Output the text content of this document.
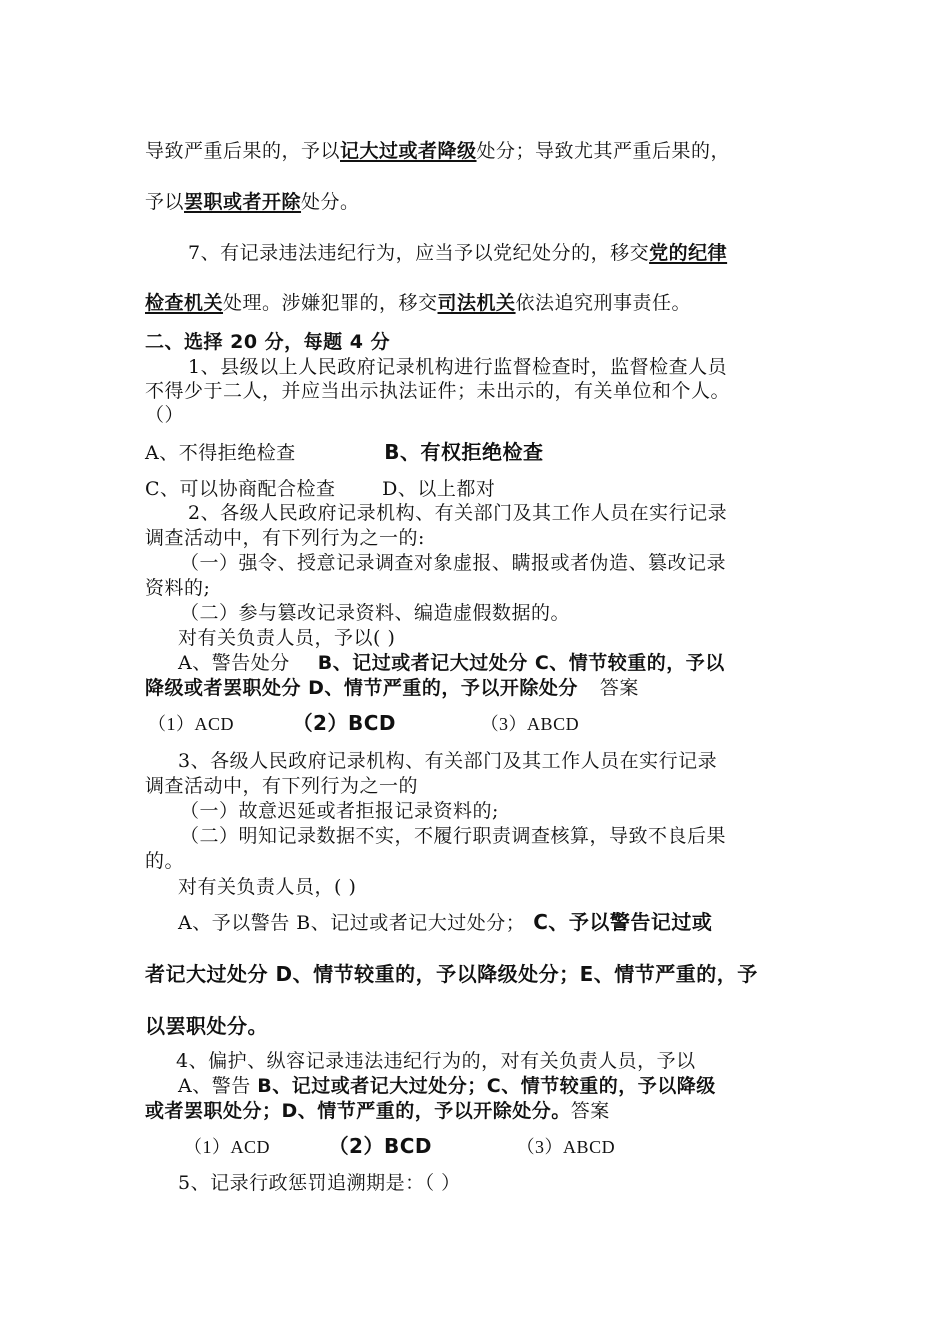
导致严重后果的，予以记大过或者降级处分；导致尤其严重后果的，
予以罢职或者开除处分。
7、有记录违法违纪行为，应当予以党纪处分的，移交党的纪律
检查机关处理。涉嫌犯罪的，移交司法机关依法追究刑事责任。
二、选择 20 分，每题 4 分
1、县级以上人民政府记录机构进行监督检查时，监督检查人员
不得少于二人，并应当出示执法证件；未出示的，有关单位和个人。
（）
A、不得拒绝检查	B、有权拒绝检查
C、可以协商配合检查 D、以上都对
2、各级人民政府记录机构、有关部门及其工作人员在实行记录
调查活动中，有下列行为之一的:
（一）强令、授意记录调查对象虚报、瞒报或者伪造、篡改记录
资料的;
（二）参与篡改记录资料、编造虚假数据的。
对有关负责人员，予以( )
A、警告处分 B、记过或者记大过处分 C、情节较重的，予以
降级或者罢职处分 D、情节严重的，予以开除处分 答案
（1）ACD	（2）BCD	（3）ABCD
3、各级人民政府记录机构、有关部门及其工作人员在实行记录
调查活动中，有下列行为之一的
（一）故意迟延或者拒报记录资料的;
（二）明知记录数据不实，不履行职责调查核算，导致不良后果
的。
对有关负责人员，( )
A、予以警告 B、记过或者记大过处分； C、予以警告记过或
者记大过处分 D、情节较重的，予以降级处分；E、情节严重的，予
以罢职处分。
4、偏护、纵容记录违法违纪行为的，对有关负责人员，予以
A、警告 B、记过或者记大过处分；C、情节较重的，予以降级
或者罢职处分；D、情节严重的，予以开除处分。答案
（1）ACD	（2）BCD	（3）ABCD
5、记录行政惩罚追溯期是：（ ）
